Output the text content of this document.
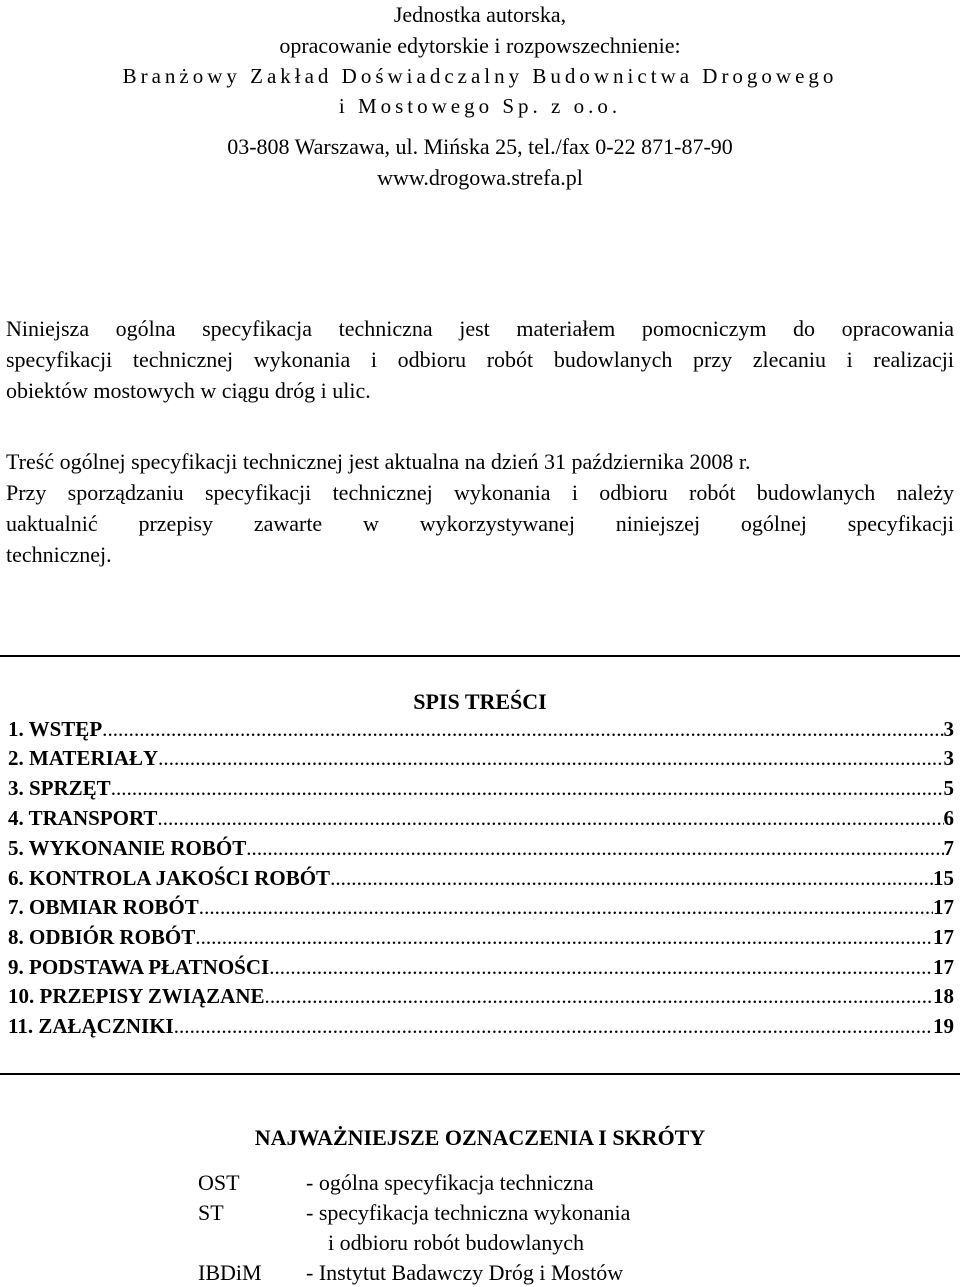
Jednostka autorska,
opracowanie edytorskie i rozpowszechnienie:
Branżowy Zakład Doświadczalny Budownictwa Drogowego
i Mostowego Sp. z o.o.
03-808 Warszawa, ul. Mińska 25, tel./fax 0-22 871-87-90
www.drogowa.strefa.pl
Niniejsza ogólna specyfikacja techniczna jest materiałem pomocniczym do opracowania
specyfikacji technicznej wykonania i odbioru robót budowlanych przy zlecaniu i realizacji
obiektów mostowych w ciągu dróg i ulic.
Treść ogólnej specyfikacji technicznej jest aktualna na dzień 31 października 2008 r.
Przy sporządzaniu specyfikacji technicznej wykonania i odbioru robót budowlanych należy
uaktualnić przepisy zawarte w wykorzystywanej niniejszej ogólnej specyfikacji
technicznej.
SPIS TREŚCI
1. WSTĘP . . .	3
2. MATERIAŁY . . .	3
3. SPRZĘT . . .	5
4. TRANSPORT . . .	6
5. WYKONANIE ROBÓT . . .	7
6. KONTROLA JAKOŚCI ROBÓT . . .	15
7. OBMIAR ROBÓT . . .	17
8. ODBIÓR ROBÓT . . .	17
9. PODSTAWA PŁATNOŚCI . . .	17
10. PRZEPISY ZWIĄZANE . . .	18
11. ZAŁĄCZNIKI . . .	19
NAJWAŻNIEJSZE OZNACZENIA I SKRÓTY
OST	- ogólna specyfikacja techniczna
ST	- specyfikacja techniczna wykonania
i odbioru robót budowlanych
IBDiM - Instytut Badawczy Dróg i Mostów
